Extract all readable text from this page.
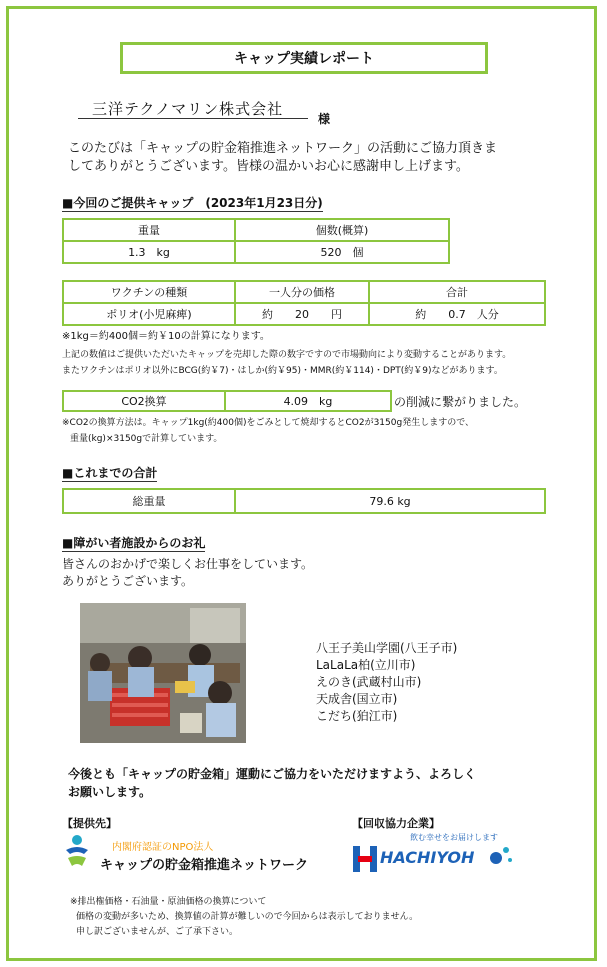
キャップ実績レポート
三洋テクノマリン株式会社
様
このたびは「キャップの貯金箱推進ネットワーク」の活動にご協力頂きま
してありがとうございます。皆様の温かいお心に感謝申し上げます。
■今回のご提供キャップ　(2023年1月23日分)
重量	個数(概算)
1.3　kg	520　個
ワクチンの種類	一人分の価格	合計
ポリオ(小児麻痺)	約　　20　　円	約　　0.7　人分
※1kg＝約400個＝約￥10の計算になります。
上記の数値はご提供いただいたキャップを売却した際の数字ですので市場動向により変動することがあります。
またワクチンはポリオ以外にBCG(約￥7)・はしか(約￥95)・MMR(約￥114)・DPT(約￥9)などがあります。
CO2換算	4.09　kg	の削減に繋がりました。
※CO2の換算方法は。キャップ1kg(約400個)をごみとして焼却するとCO2が3150g発生しますので、
重量(kg)×3150gで計算しています。
■これまでの合計
総重量	79.6 kg
■障がい者施設からのお礼
皆さんのおかげで楽しくお仕事をしています。
ありがとうございます。
八王子美山学園(八王子市)
LaLaLa柏(立川市)
えのき(武蔵村山市)
天成舎(国立市)
こだち(狛江市)
今後とも「キャップの貯金箱」運動にご協力をいただけますよう、よろしく
お願いします。
【提供先】
内閣府認証のNPO法人
キャップの貯金箱推進ネットワーク
【回収協力企業】
飲む幸せをお届けします
HACHIYOH
※排出権価格・石油量・原油価格の換算について
価格の変動が多いため、換算値の計算が難しいので今回からは表示しておりません。
申し訳ございませんが、ご了承下さい。
